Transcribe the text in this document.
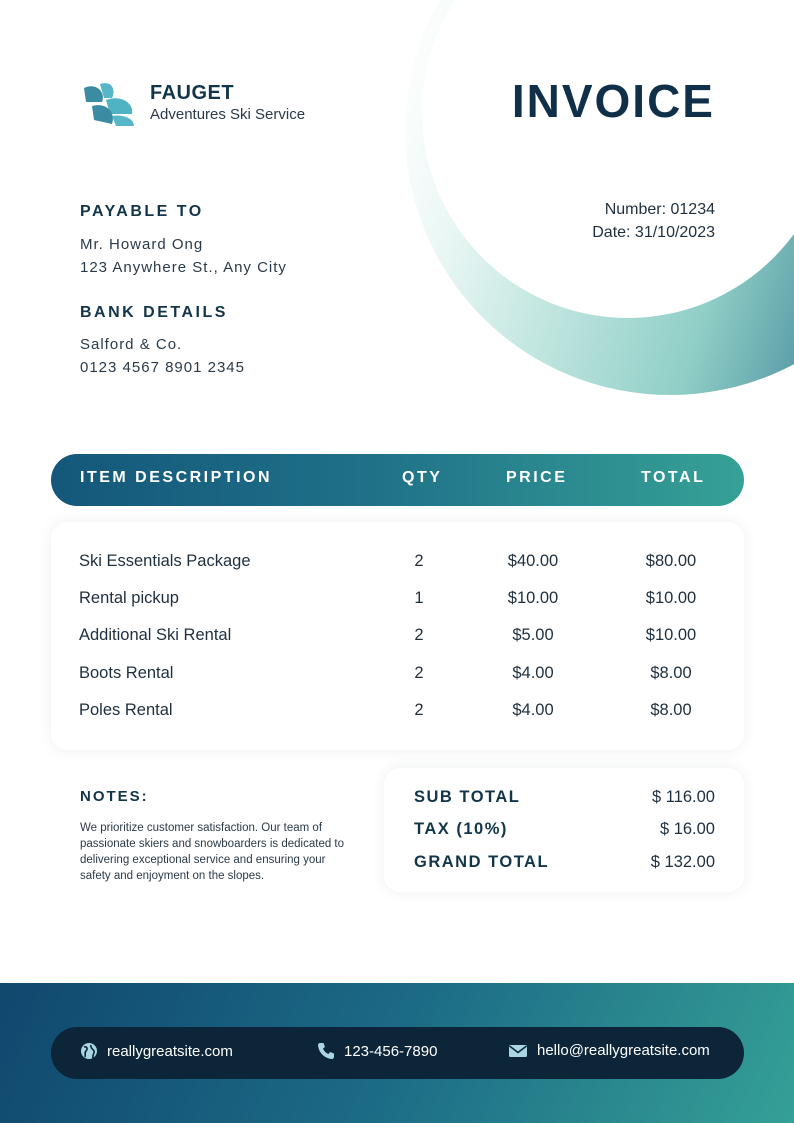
FAUGET
Adventures Ski Service	INVOICE
Number: 01234
Date: 31/10/2023
PAYABLE TO
Mr. Howard Ong
123 Anywhere St., Any City
BANK DETAILS
Salford & Co.
0123 4567 8901 2345
ITEM DESCRIPTION	QTY	PRICE	TOTAL
Ski Essentials Package	2	$40.00	$80.00
Rental pickup	1	$10.00	$10.00
Additional Ski Rental	2	$5.00	$10.00
Boots Rental	2	$4.00	$8.00
Poles Rental	2	$4.00	$8.00
NOTES:
We prioritize customer satisfaction. Our team of passionate skiers and snowboarders is dedicated to delivering exceptional service and ensuring your safety and enjoyment on the slopes.
SUB TOTAL	$ 116.00
TAX (10%)	$ 16.00
GRAND TOTAL	$ 132.00
reallygreatsite.com	123-456-7890	hello@reallygreatsite.com
